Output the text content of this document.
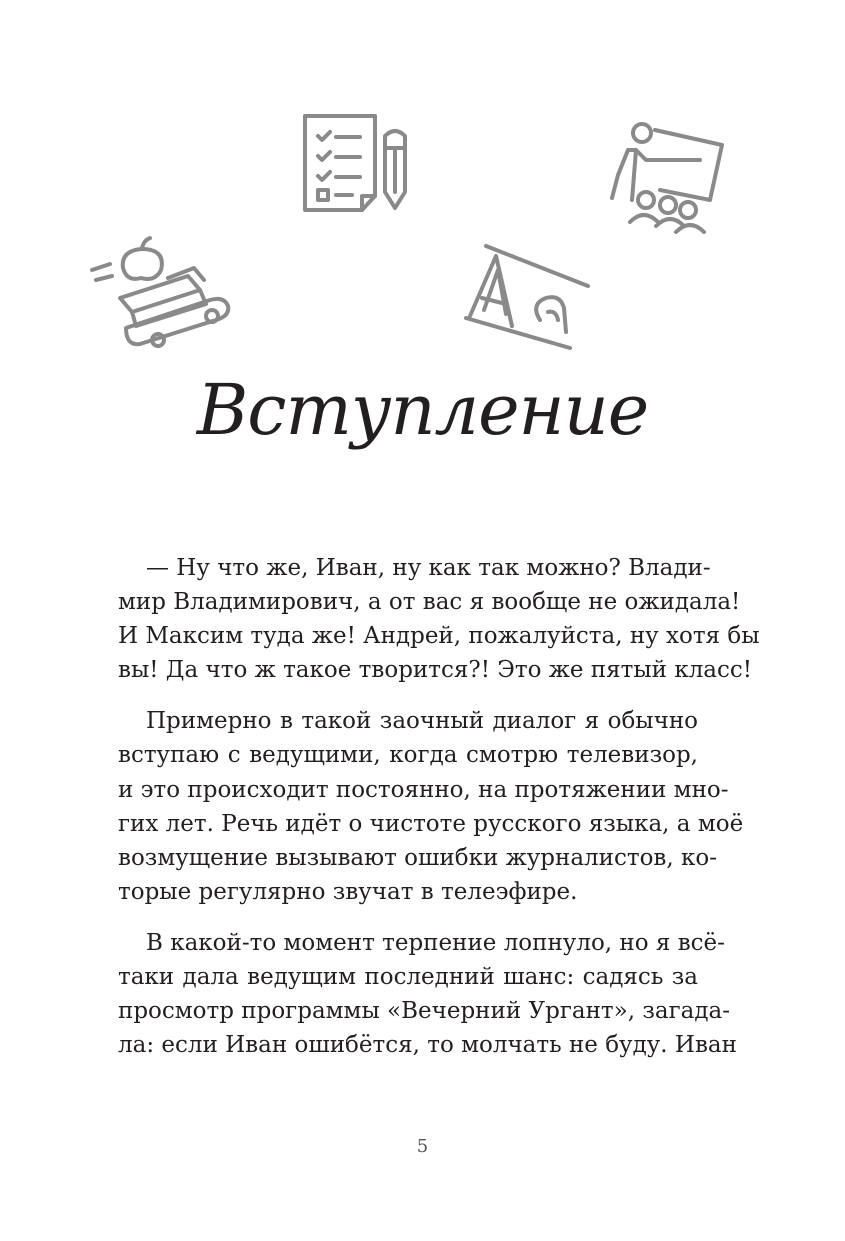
Вступление
— Ну что же, Иван, ну как так можно? Влади-
мир Владимирович, а от вас я вообще не ожидала!
И Максим туда же! Андрей, пожалуйста, ну хотя бы
вы! Да что ж такое творится?! Это же пятый класс!
Примерно в такой заочный диалог я обычно
вступаю с ведущими, когда смотрю телевизор,
и это происходит постоянно, на протяжении мно-
гих лет. Речь идёт о чистоте русского языка, а моё
возмущение вызывают ошибки журналистов, ко-
торые регулярно звучат в телеэфире.
В какой-то момент терпение лопнуло, но я всё-
таки дала ведущим последний шанс: садясь за
просмотр программы «Вечерний Ургант», загада-
ла: если Иван ошибётся, то молчать не буду. Иван
5
